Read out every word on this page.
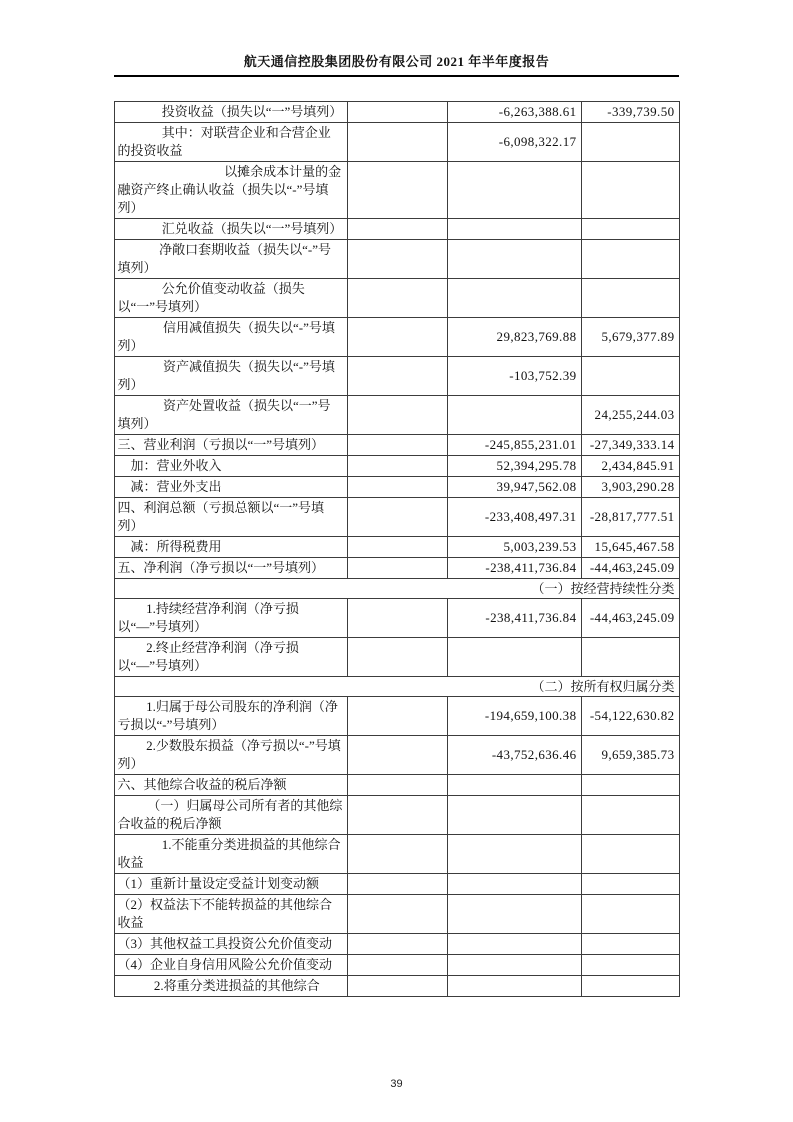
航天通信控股集团股份有限公司 2021 年半年度报告
投资收益（损失以“一”号填列）		-6,263,388.61	-339,739.50
其中：对联营企业和合营企业的投资收益		-6,098,322.17	
以摊余成本计量的金融资产终止确认收益（损失以“-”号填列）			
汇兑收益（损失以“一”号填列）			
净敞口套期收益（损失以“-”号填列）			
公允价值变动收益（损失以“一”号填列）			
信用减值损失（损失以“-”号填列）		29,823,769.88	5,679,377.89
资产减值损失（损失以“-”号填列）		-103,752.39	
资产处置收益（损失以“一”号填列）			24,255,244.03
三、营业利润（亏损以“一”号填列）		-245,855,231.01	-27,349,333.14
加：营业外收入		52,394,295.78	2,434,845.91
减：营业外支出		39,947,562.08	3,903,290.28
四、利润总额（亏损总额以“一”号填列）		-233,408,497.31	-28,817,777.51
减：所得税费用		5,003,239.53	15,645,467.58
五、净利润（净亏损以“一”号填列）		-238,411,736.84	-44,463,245.09
（一）按经营持续性分类			
1.持续经营净利润（净亏损以“—”号填列）		-238,411,736.84	-44,463,245.09
2.终止经营净利润（净亏损以“—”号填列）			
（二）按所有权归属分类			
1.归属于母公司股东的净利润（净亏损以“-”号填列）		-194,659,100.38	-54,122,630.82
2.少数股东损益（净亏损以“-”号填列）		-43,752,636.46	9,659,385.73
六、其他综合收益的税后净额			
（一）归属母公司所有者的其他综合收益的税后净额			
1.不能重分类进损益的其他综合收益			
（1）重新计量设定受益计划变动额			
（2）权益法下不能转损益的其他综合收益			
（3）其他权益工具投资公允价值变动			
（4）企业自身信用风险公允价值变动			
2.将重分类进损益的其他综合			
39
